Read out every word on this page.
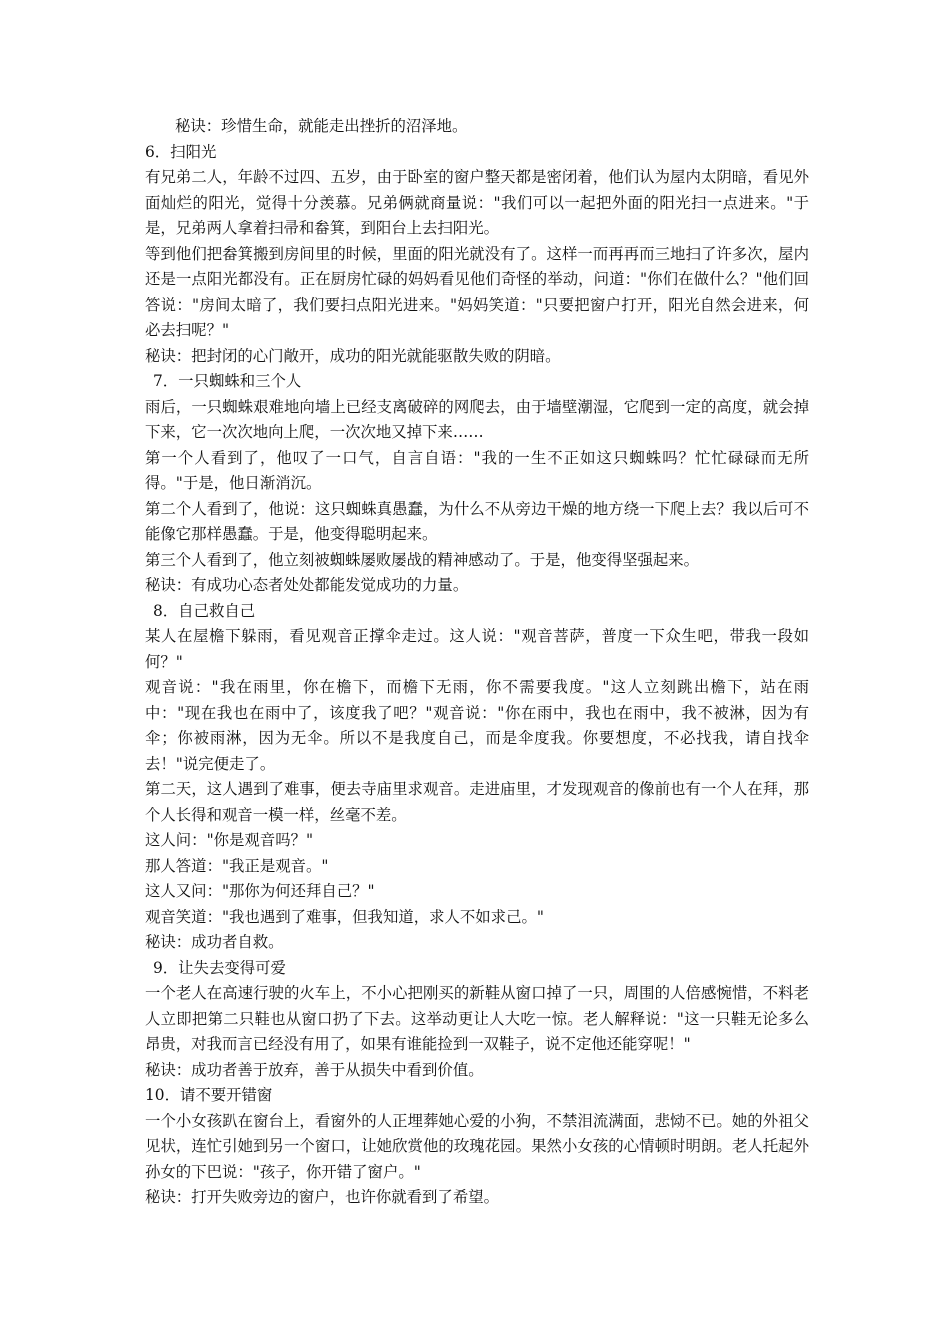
秘诀：珍惜生命，就能走出挫折的沼泽地。

6．扫阳光

有兄弟二人，年龄不过四、五岁，由于卧室的窗户整天都是密闭着，他们认为屋内太阴暗，看见外面灿烂的阳光，觉得十分羡慕。兄弟俩就商量说："我们可以一起把外面的阳光扫一点进来。"于是，兄弟两人拿着扫帚和畚箕，到阳台上去扫阳光。

等到他们把畚箕搬到房间里的时候，里面的阳光就没有了。这样一而再再而三地扫了许多次，屋内还是一点阳光都没有。正在厨房忙碌的妈妈看见他们奇怪的举动，问道："你们在做什么？"他们回答说："房间太暗了，我们要扫点阳光进来。"妈妈笑道："只要把窗户打开，阳光自然会进来，何必去扫呢？"

秘诀：把封闭的心门敞开，成功的阳光就能驱散失败的阴暗。

7．一只蜘蛛和三个人

雨后，一只蜘蛛艰难地向墙上已经支离破碎的网爬去，由于墙壁潮湿，它爬到一定的高度，就会掉下来，它一次次地向上爬，一次次地又掉下来……

第一个人看到了，他叹了一口气，自言自语："我的一生不正如这只蜘蛛吗？忙忙碌碌而无所得。"于是，他日渐消沉。

第二个人看到了，他说：这只蜘蛛真愚蠢，为什么不从旁边干燥的地方绕一下爬上去？我以后可不能像它那样愚蠢。于是，他变得聪明起来。

第三个人看到了，他立刻被蜘蛛屡败屡战的精神感动了。于是，他变得坚强起来。

秘诀：有成功心态者处处都能发觉成功的力量。

8．自己救自己

某人在屋檐下躲雨，看见观音正撑伞走过。这人说："观音菩萨，普度一下众生吧，带我一段如何？"

观音说："我在雨里，你在檐下，而檐下无雨，你不需要我度。"这人立刻跳出檐下，站在雨中："现在我也在雨中了，该度我了吧？"观音说："你在雨中，我也在雨中，我不被淋，因为有伞；你被雨淋，因为无伞。所以不是我度自己，而是伞度我。你要想度，不必找我，请自找伞去！"说完便走了。

第二天，这人遇到了难事，便去寺庙里求观音。走进庙里，才发现观音的像前也有一个人在拜，那个人长得和观音一模一样，丝毫不差。

这人问："你是观音吗？"

那人答道："我正是观音。"

这人又问："那你为何还拜自己？"

观音笑道："我也遇到了难事，但我知道，求人不如求己。"

秘诀：成功者自救。

9．让失去变得可爱

一个老人在高速行驶的火车上，不小心把刚买的新鞋从窗口掉了一只，周围的人倍感惋惜，不料老人立即把第二只鞋也从窗口扔了下去。这举动更让人大吃一惊。老人解释说："这一只鞋无论多么昂贵，对我而言已经没有用了，如果有谁能捡到一双鞋子，说不定他还能穿呢！"

秘诀：成功者善于放弃，善于从损失中看到价值。

10．请不要开错窗

一个小女孩趴在窗台上，看窗外的人正埋葬她心爱的小狗，不禁泪流满面，悲恸不已。她的外祖父见状，连忙引她到另一个窗口，让她欣赏他的玫瑰花园。果然小女孩的心情顿时明朗。老人托起外孙女的下巴说："孩子，你开错了窗户。"

秘诀：打开失败旁边的窗户，也许你就看到了希望。
